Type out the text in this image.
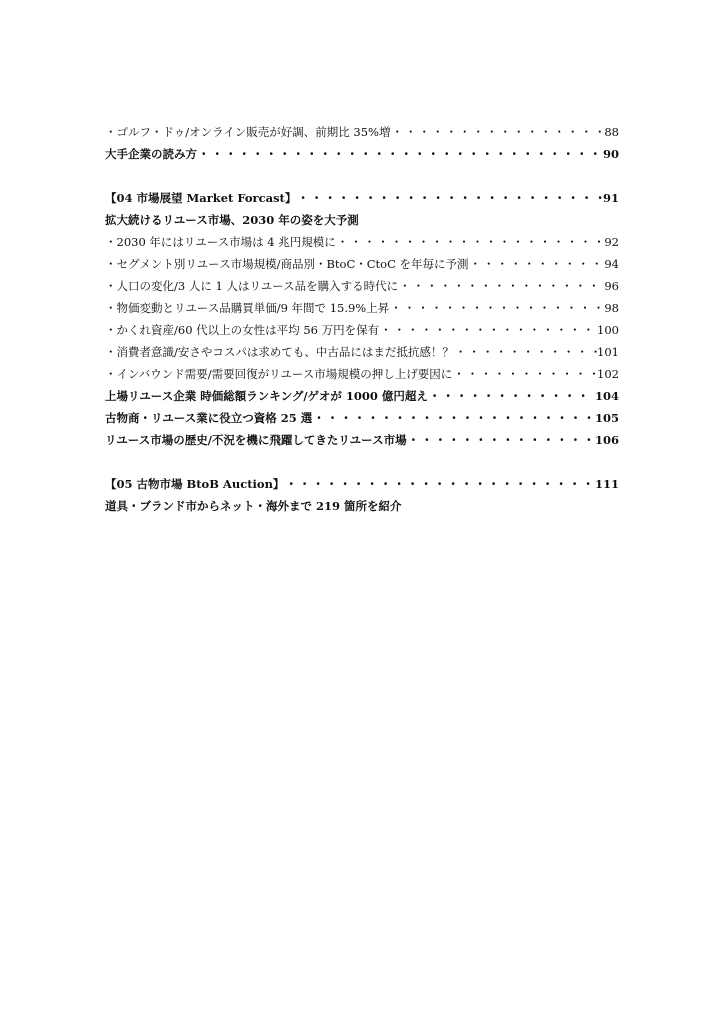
・ゴルフ・ドゥ/オンライン販売が好調、前期比 35%増 ・・・・・・・・・・・・・・・・・・・・・・・・・・・・・・・・・・・・・・・・・・・・・・・・・・・・	88
大手企業の読み方 ・・・・・・・・・・・・・・・・・・・・・・・・・・・・・・・・・・・・・・・・・・・・・・・・・・・・	90
【04 市場展望 Market Forcast】 ・・・・・・・・・・・・・・・・・・・・・・・・・・・・・・・・・・・・・・・・・・・・・・・・・・・・	91
拡大続けるリユース市場、2030 年の姿を大予測
・2030 年にはリユース市場は 4 兆円規模に ・・・・・・・・・・・・・・・・・・・・・・・・・・・・・・・・・・・・・・・・・・・・・・・・・・・・	92
・セグメント別リユース市場規模/商品別・BtoC・CtoC を年毎に予測 ・・・・・・・・・・・・・・・・・・・・・・・・・・・・・・・・・・・・・・・・・・・・・・・・・・・・	94
・人口の変化/3 人に 1 人はリユース品を購入する時代に ・・・・・・・・・・・・・・・・・・・・・・・・・・・・・・・・・・・・・・・・・・・・・・・・・・・・	96
・物価変動とリユース品購買単価/9 年間で 15.9%上昇 ・・・・・・・・・・・・・・・・・・・・・・・・・・・・・・・・・・・・・・・・・・・・・・・・・・・・	98
・かくれ資産/60 代以上の女性は平均 56 万円を保有 ・・・・・・・・・・・・・・・・・・・・・・・・・・・・・・・・・・・・・・・・・・・・・・・・・・・・	100
・消費者意識/安さやコスパは求めても、中古品にはまだ抵抗感！？ ・・・・・・・・・・・・・・・・・・・・・・・・・・・・・・・・・・・・・・・・・・・・・・・・・・・・	101
・インバウンド需要/需要回復がリユース市場規模の押し上げ要因に ・・・・・・・・・・・・・・・・・・・・・・・・・・・・・・・・・・・・・・・・・・・・・・・・・・・・	102
上場リユース企業 時価総額ランキング/ゲオが 1000 億円超え ・・・・・・・・・・・・・・・・・・・・・・・・・・・・・・・・・・・・・・・・・・・・・・・・・・・・	104
古物商・リユース業に役立つ資格 25 選 ・・・・・・・・・・・・・・・・・・・・・・・・・・・・・・・・・・・・・・・・・・・・・・・・・・・・	105
リユース市場の歴史/不況を機に飛躍してきたリユース市場 ・・・・・・・・・・・・・・・・・・・・・・・・・・・・・・・・・・・・・・・・・・・・・・・・・・・・	106
【05 古物市場 BtoB Auction】 ・・・・・・・・・・・・・・・・・・・・・・・・・・・・・・・・・・・・・・・・・・・・・・・・・・・・	111
道具・ブランド市からネット・海外まで 219 箇所を紹介
